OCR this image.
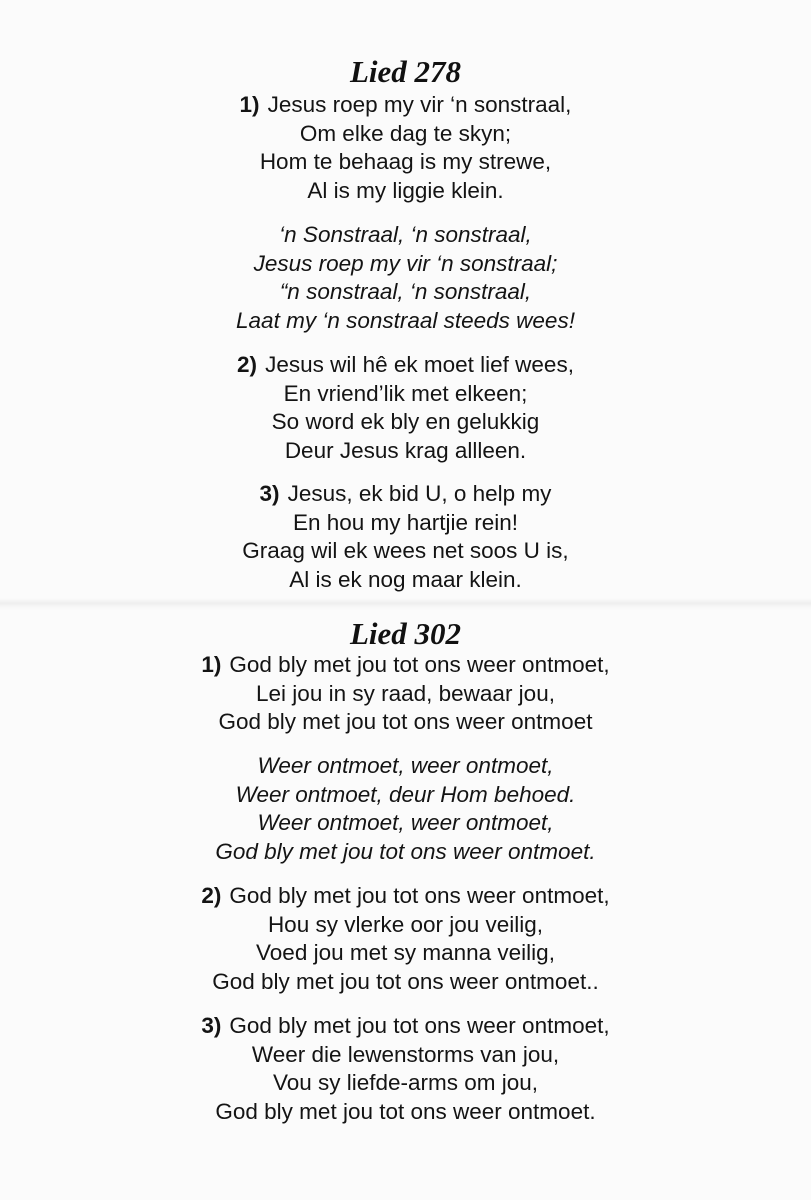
Lied 278
1) Jesus roep my vir ‘n sonstraal,
Om elke dag te skyn;
Hom te behaag is my strewe,
Al is my liggie klein.
‘n Sonstraal, ‘n sonstraal,
Jesus roep my vir ‘n sonstraal;
“n sonstraal, ‘n sonstraal,
Laat my ‘n sonstraal steeds wees!
2) Jesus wil hê ek moet lief wees,
En vriend’lik met elkeen;
So word ek bly en gelukkig
Deur Jesus krag allleen.
3) Jesus, ek bid U, o help my
En hou my hartjie rein!
Graag wil ek wees net soos U is,
Al is ek nog maar klein.
Lied 302
1) God bly met jou tot ons weer ontmoet,
Lei jou in sy raad, bewaar jou,
God bly met jou tot ons weer ontmoet
Weer ontmoet, weer ontmoet,
Weer ontmoet, deur Hom behoed.
Weer ontmoet, weer ontmoet,
God bly met jou tot ons weer ontmoet.
2) God bly met jou tot ons weer ontmoet,
Hou sy vlerke oor jou veilig,
Voed jou met sy manna veilig,
God bly met jou tot ons weer ontmoet..
3) God bly met jou tot ons weer ontmoet,
Weer die lewenstorms van jou,
Vou sy liefde-arms om jou,
God bly met jou tot ons weer ontmoet.
